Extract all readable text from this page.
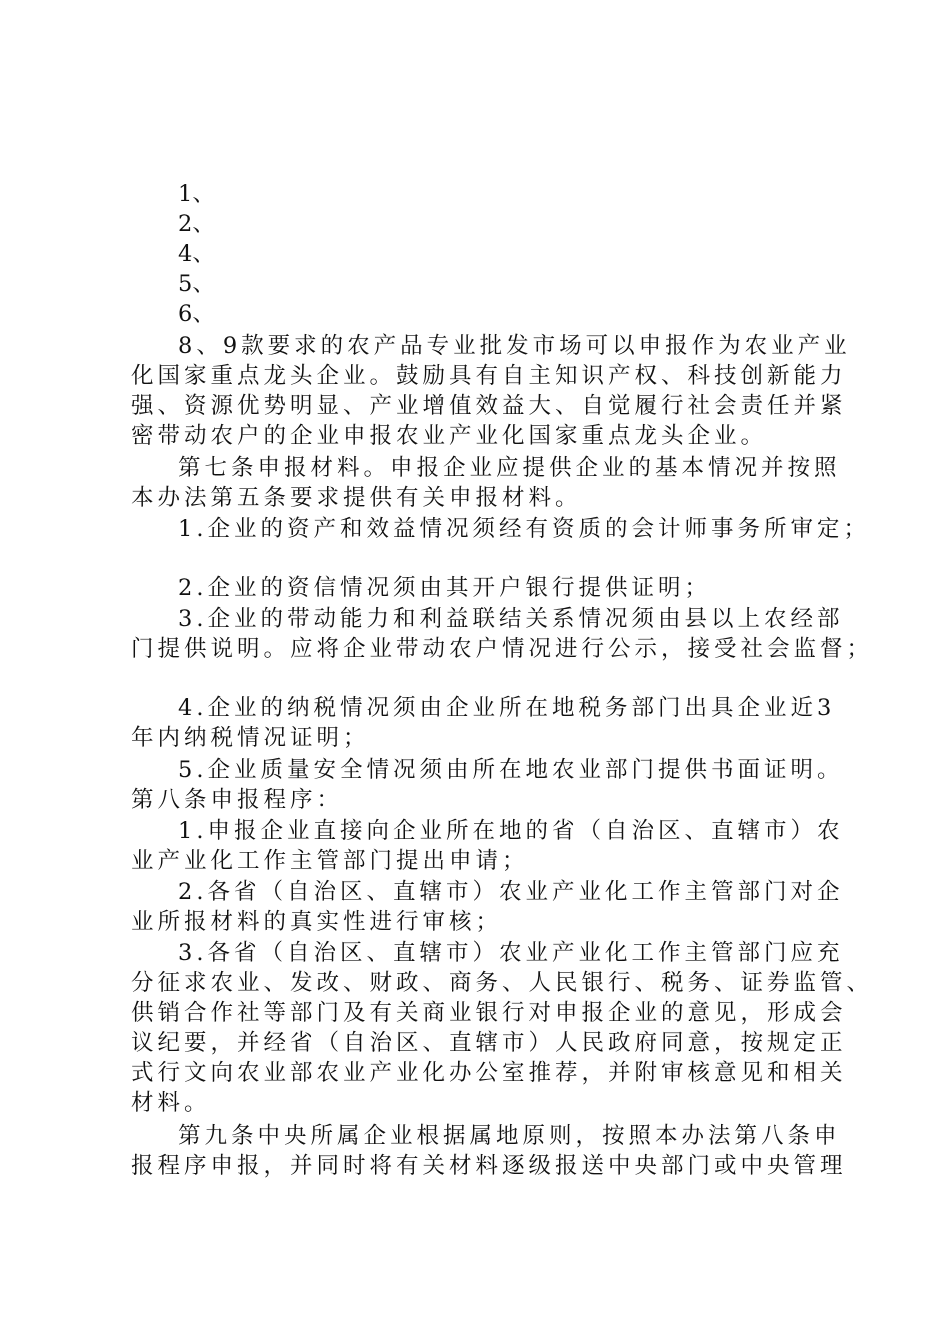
1、
2、
4、
5、
6、
8、9款要求的农产品专业批发市场可以申报作为农业产业
化国家重点龙头企业。鼓励具有自主知识产权、科技创新能力
强、资源优势明显、产业增值效益大、自觉履行社会责任并紧
密带动农户的企业申报农业产业化国家重点龙头企业。
第七条申报材料。申报企业应提供企业的基本情况并按照
本办法第五条要求提供有关申报材料。
1.企业的资产和效益情况须经有资质的会计师事务所审定；
2.企业的资信情况须由其开户银行提供证明；
3.企业的带动能力和利益联结关系情况须由县以上农经部
门提供说明。应将企业带动农户情况进行公示，接受社会监督；
4.企业的纳税情况须由企业所在地税务部门出具企业近3
年内纳税情况证明；
5.企业质量安全情况须由所在地农业部门提供书面证明。
第八条申报程序：
1.申报企业直接向企业所在地的省（自治区、直辖市）农
业产业化工作主管部门提出申请；
2.各省（自治区、直辖市）农业产业化工作主管部门对企
业所报材料的真实性进行审核；
3.各省（自治区、直辖市）农业产业化工作主管部门应充
分征求农业、发改、财政、商务、人民银行、税务、证券监管、
供销合作社等部门及有关商业银行对申报企业的意见，形成会
议纪要，并经省（自治区、直辖市）人民政府同意，按规定正
式行文向农业部农业产业化办公室推荐，并附审核意见和相关
材料。
第九条中央所属企业根据属地原则，按照本办法第八条申
报程序申报，并同时将有关材料逐级报送中央部门或中央管理
